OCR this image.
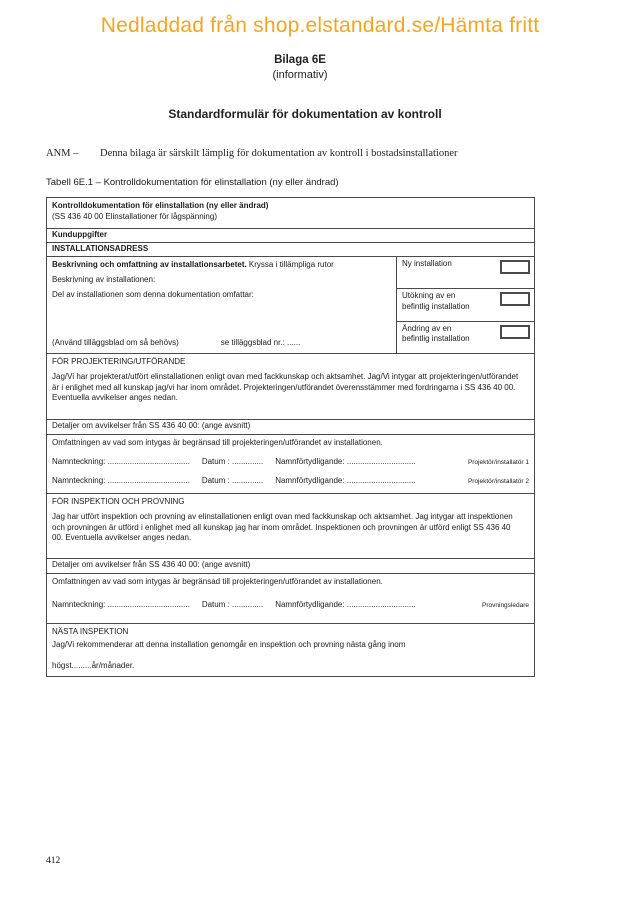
Nedladdad från shop.elstandard.se/Hämta fritt
Bilaga 6E
(informativ)
Standardformulär för dokumentation av kontroll
ANM –	Denna bilaga är särskilt lämplig för dokumentation av kontroll i bostadsinstallationer
Tabell 6E.1 – Kontrolldokumentation för elinstallation (ny eller ändrad)
Kontrolldokumentation för elinstallation (ny eller ändrad)
(SS 436 40 00 Elinstallationer för lågspänning)
Kunduppgifter
INSTALLATIONSADRESS
Beskrivning och omfattning av installationsarbetet. Kryssa i tillämpliga rutor
Beskrivning av installationen:
Del av installationen som denna dokumentation omfattar:
(Använd tilläggsblad om så behövs)	se tilläggsblad nr.: ......
Ny installation
Utökning av en befintlig installation
Ändring av en befintlig installation
FÖR PROJEKTERING/UTFÖRANDE
Jag/Vi har projekterat/utfört elinstallationen enligt ovan med fackkunskap och aktsamhet. Jag/Vi intygar att projekteringen/utförandet är i enlighet med all kunskap jag/vi har inom området. Projekteringen/utförandet överensstämmer med fordringarna i SS 436 40 00. Eventuella avvikelser anges nedan.
Detaljer om avvikelser från SS 436 40 00: (ange avsnitt)
Omfattningen av vad som intygas är begränsad till projekteringen/utförandet av installationen.
Namnteckning: ..................................... Datum : .............. Namnförtydligande: ...............................	Projektör/installatör 1
Namnteckning: ..................................... Datum : .............. Namnförtydligande: ...............................	Projektör/installatör 2
FÖR INSPEKTION OCH PROVNING
Jag har utfört inspektion och provning av elinstallationen enligt ovan med fackkunskap och aktsamhet. Jag intygar att inspektionen och provningen är utförd i enlighet med all kunskap jag har inom området. Inspektionen och provningen är utförd enligt SS 436 40 00. Eventuella avvikelser anges nedan.
Detaljer om avvikelser från SS 436 40 00: (ange avsnitt)
Omfattningen av vad som intygas är begränsad till projekteringen/utförandet av installationen.
Namnteckning: ..................................... Datum : .............. Namnförtydligande: ...............................	Provningsledare
NÄSTA INSPEKTION
Jag/Vi rekommenderar att denna installation genomgår en inspektion och provning nästa gång inom
högst.........år/månader.
412
